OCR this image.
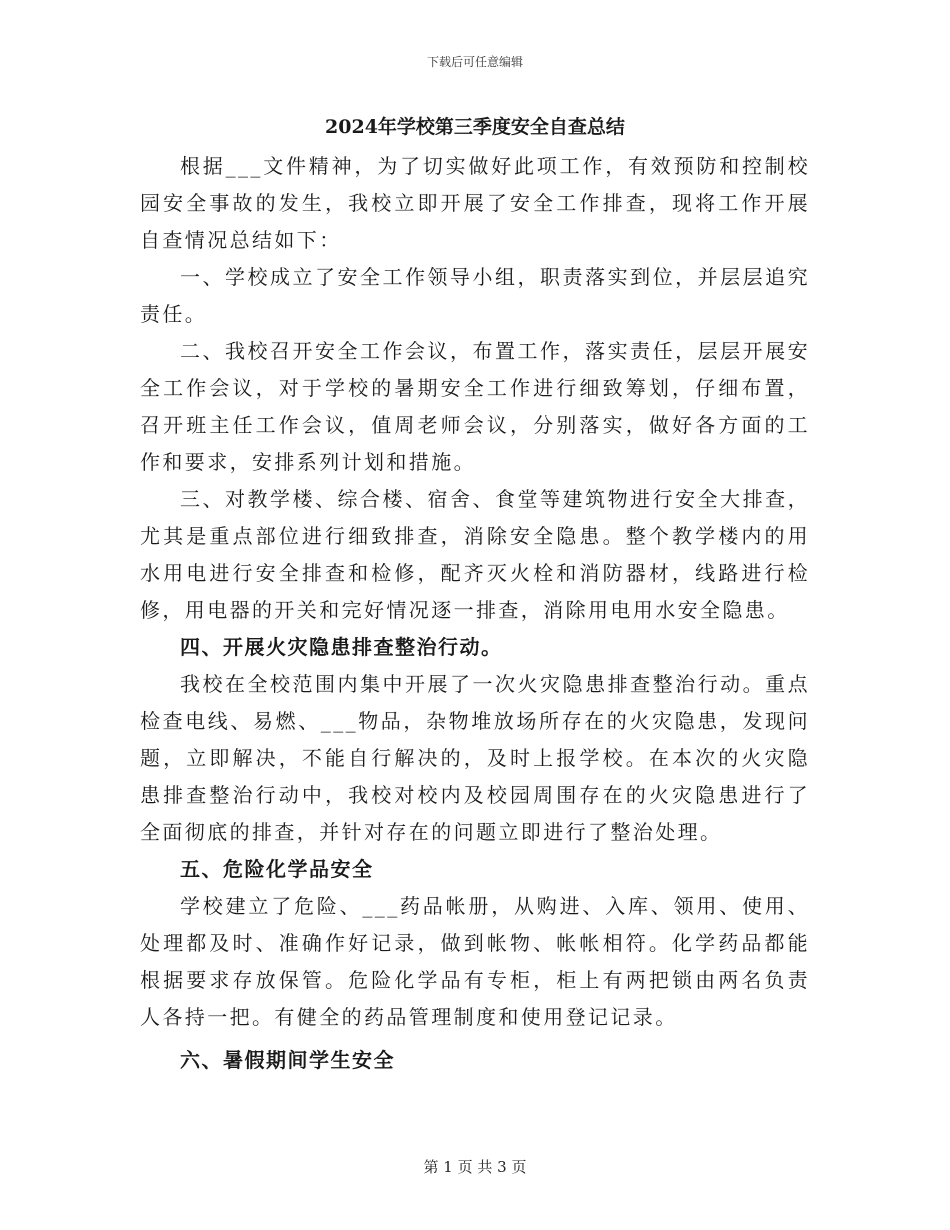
下载后可任意编辑
2024年学校第三季度安全自查总结

根据___文件精神，为了切实做好此项工作，有效预防和控制校园安全事故的发生，我校立即开展了安全工作排查，现将工作开展自查情况总结如下：

一、学校成立了安全工作领导小组，职责落实到位，并层层追究责任。

二、我校召开安全工作会议，布置工作，落实责任，层层开展安全工作会议，对于学校的暑期安全工作进行细致筹划，仔细布置，召开班主任工作会议，值周老师会议，分别落实，做好各方面的工作和要求，安排系列计划和措施。

三、对教学楼、综合楼、宿舍、食堂等建筑物进行安全大排查，尤其是重点部位进行细致排查，消除安全隐患。整个教学楼内的用水用电进行安全排查和检修，配齐灭火栓和消防器材，线路进行检修，用电器的开关和完好情况逐一排查，消除用电用水安全隐患。

四、开展火灾隐患排查整治行动。

我校在全校范围内集中开展了一次火灾隐患排查整治行动。重点检查电线、易燃、___物品，杂物堆放场所存在的火灾隐患，发现问题，立即解决，不能自行解决的，及时上报学校。在本次的火灾隐患排查整治行动中，我校对校内及校园周围存在的火灾隐患进行了全面彻底的排查，并针对存在的问题立即进行了整治处理。

五、危险化学品安全

学校建立了危险、___药品帐册，从购进、入库、领用、使用、处理都及时、准确作好记录，做到帐物、帐帐相符。化学药品都能根据要求存放保管。危险化学品有专柜，柜上有两把锁由两名负责人各持一把。有健全的药品管理制度和使用登记记录。

六、暑假期间学生安全

第 1 页 共 3 页
